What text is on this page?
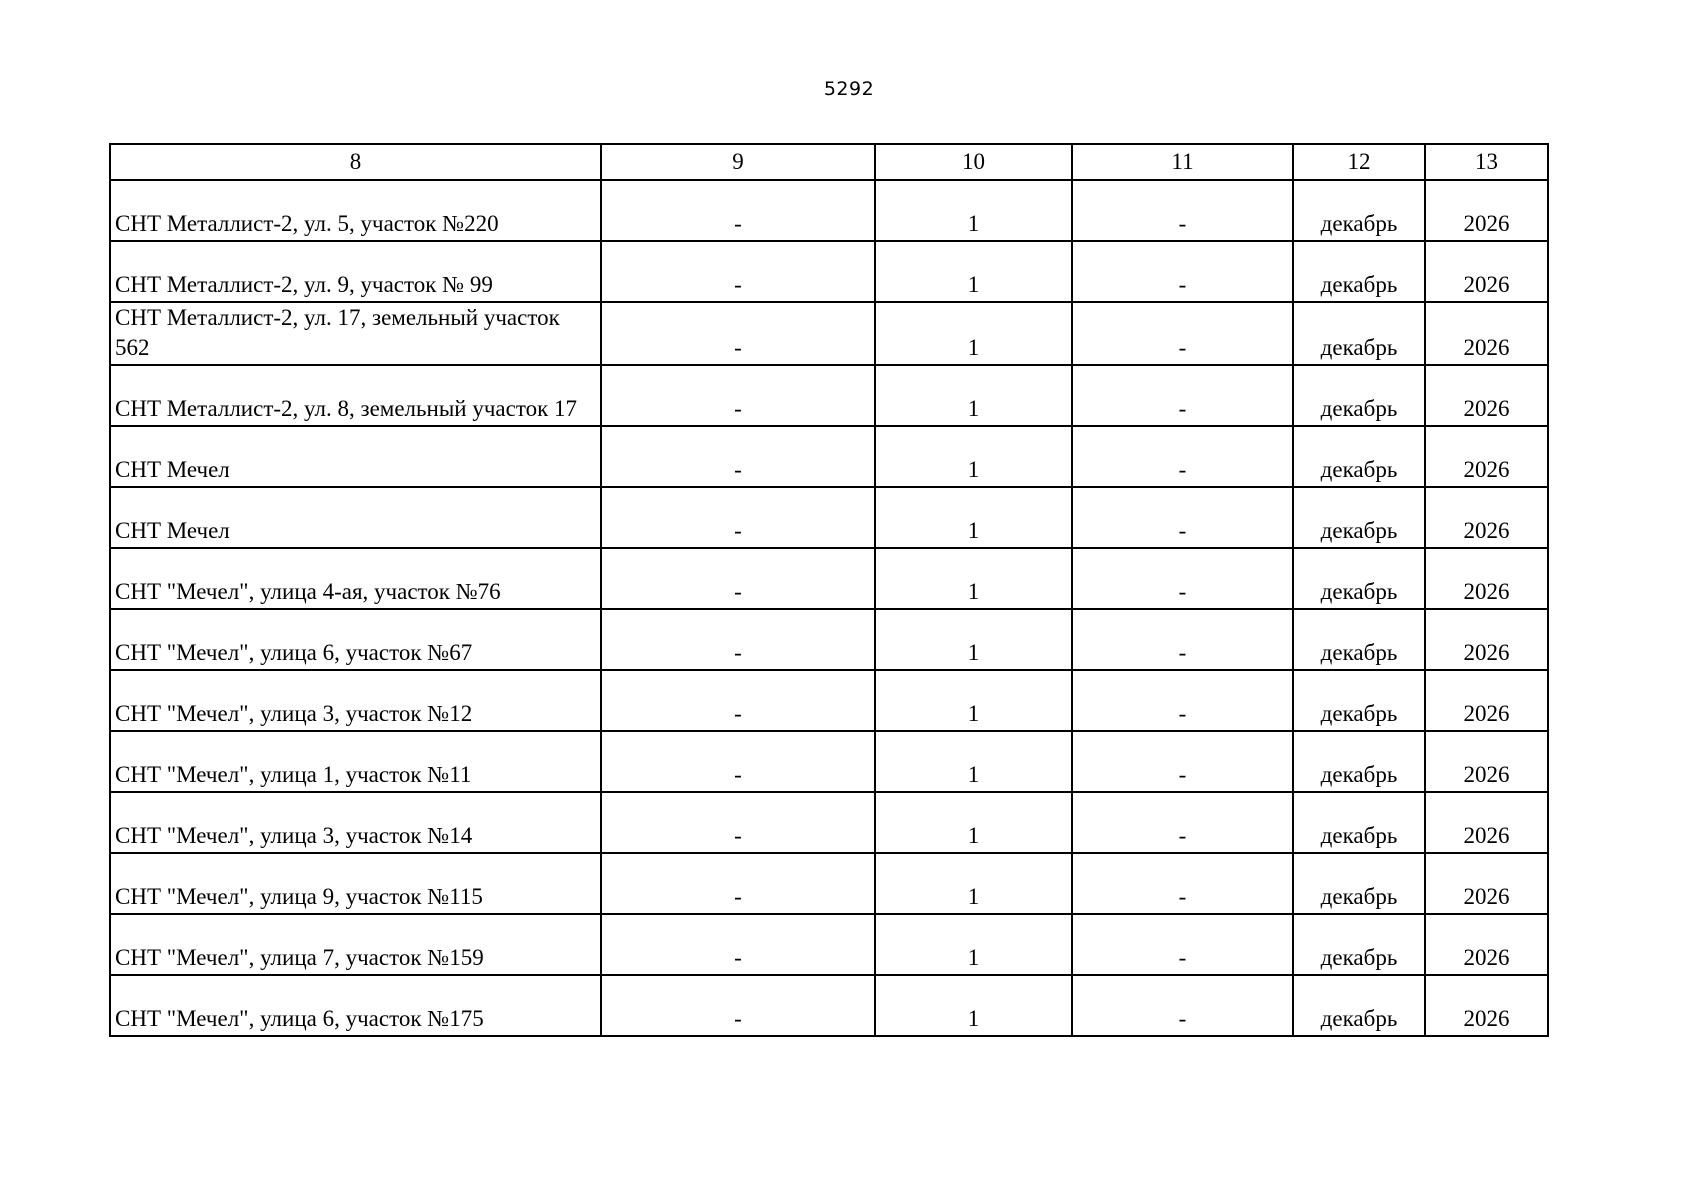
5292
8	9	10	11	12	13
СНТ Металлист-2, ул. 5, участок №220	-	1	-	декабрь	2026
СНТ Металлист-2, ул. 9, участок № 99	-	1	-	декабрь	2026
СНТ Металлист-2, ул. 17, земельный участок 562	-	1	-	декабрь	2026
СНТ Металлист-2, ул. 8, земельный участок 17	-	1	-	декабрь	2026
СНТ Мечел	-	1	-	декабрь	2026
СНТ Мечел	-	1	-	декабрь	2026
СНТ "Мечел", улица 4-ая, участок №76	-	1	-	декабрь	2026
СНТ "Мечел", улица 6, участок №67	-	1	-	декабрь	2026
СНТ "Мечел", улица 3, участок №12	-	1	-	декабрь	2026
СНТ "Мечел", улица 1, участок №11	-	1	-	декабрь	2026
СНТ "Мечел", улица 3, участок №14	-	1	-	декабрь	2026
СНТ "Мечел", улица 9, участок №115	-	1	-	декабрь	2026
СНТ "Мечел", улица 7, участок №159	-	1	-	декабрь	2026
СНТ "Мечел", улица 6, участок №175	-	1	-	декабрь	2026
